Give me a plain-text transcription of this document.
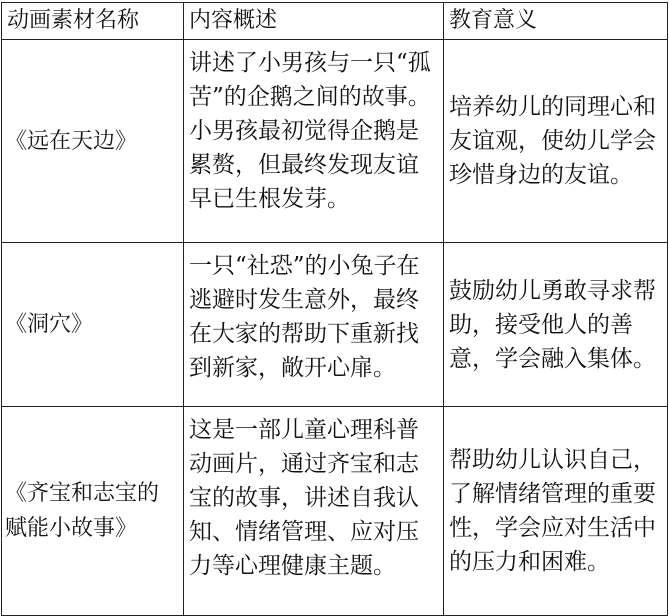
动画素材名称	内容概述	教育意义
《远在天边》	讲述了小男孩与一只“孤苦”的企鹅之间的故事。小男孩最初觉得企鹅是累赘，但最终发现友谊早已生根发芽。	培养幼儿的同理心和友谊观，使幼儿学会珍惜身边的友谊。
《洞穴》	一只“社恐”的小兔子在逃避时发生意外，最终在大家的帮助下重新找到新家，敞开心扉。	鼓励幼儿勇敢寻求帮助，接受他人的善意，学会融入集体。
《齐宝和志宝的赋能小故事》	这是一部儿童心理科普动画片，通过齐宝和志宝的故事，讲述自我认知、情绪管理、应对压力等心理健康主题。	帮助幼儿认识自己，了解情绪管理的重要性，学会应对生活中的压力和困难。
